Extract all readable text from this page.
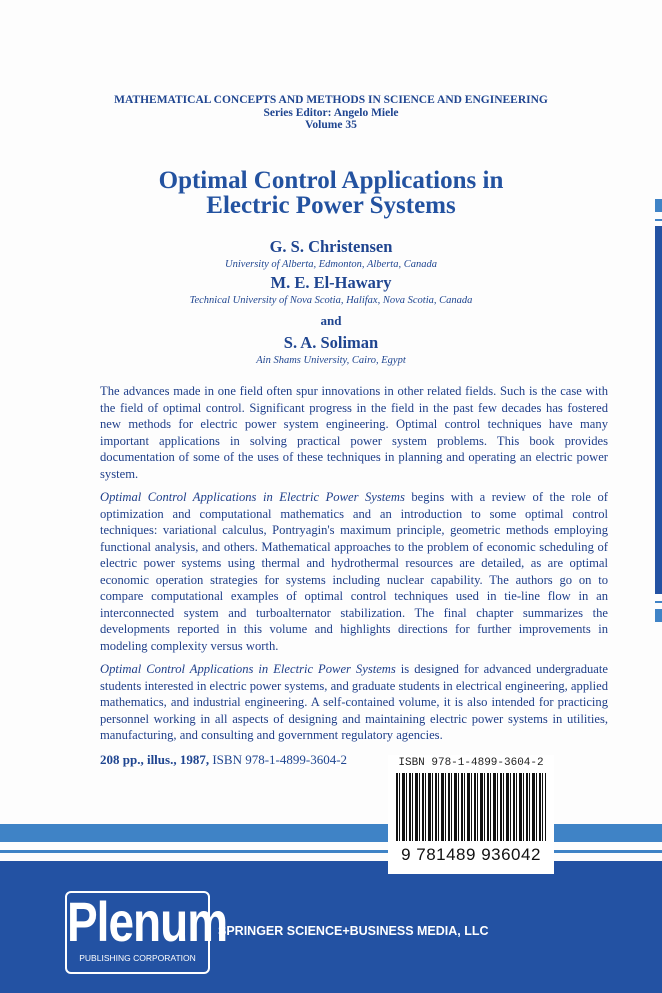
MATHEMATICAL CONCEPTS AND METHODS IN SCIENCE AND ENGINEERING
Series Editor: Angelo Miele
Volume 35
Optimal Control Applications in
Electric Power Systems
G. S. Christensen
University of Alberta, Edmonton, Alberta, Canada
M. E. El-Hawary
Technical University of Nova Scotia, Halifax, Nova Scotia, Canada
and
S. A. Soliman
Ain Shams University, Cairo, Egypt

The advances made in one field often spur innovations in other related fields. Such is the case with the field of optimal control. Significant progress in the field in the past few decades has fostered new methods for electric power system engineering. Optimal control techniques have many important applications in solving practical power system problems. This book provides documentation of some of the uses of these techniques in planning and operating an electric power system.

Optimal Control Applications in Electric Power Systems begins with a review of the role of optimization and computational mathematics and an introduction to some optimal control techniques: variational calculus, Pontryagin's maximum principle, geometric methods employing functional analysis, and others. Mathematical approaches to the problem of economic scheduling of electric power systems using thermal and hydrothermal resources are detailed, as are optimal economic operation strategies for systems including nuclear capability. The authors go on to compare computational examples of optimal control techniques used in tie-line flow in an interconnected system and turboalternator stabilization. The final chapter summarizes the developments reported in this volume and highlights directions for further improvements in modeling complexity versus worth.

Optimal Control Applications in Electric Power Systems is designed for advanced undergraduate students interested in electric power systems, and graduate students in electrical engineering, applied mathematics, and industrial engineering. A self-contained volume, it is also intended for practicing personnel working in all aspects of designing and maintaining electric power systems in utilities, manufacturing, and consulting and government regulatory agencies.

208 pp., illus., 1987, ISBN 978-1-4899-3604-2	ISBN 978-1-4899-3604-2
9 781489 936042
Plenum
PUBLISHING CORPORATION
SPRINGER SCIENCE+BUSINESS MEDIA, LLC
